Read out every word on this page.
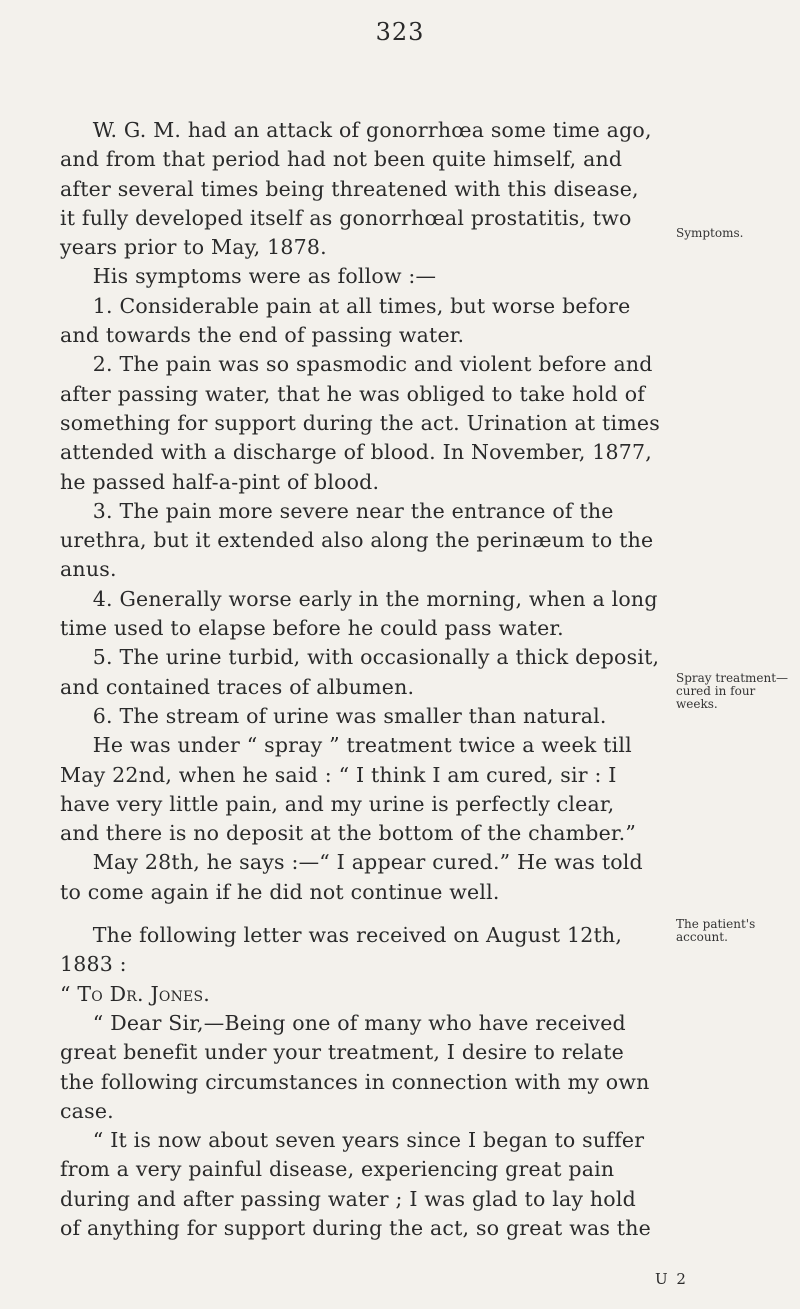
323

W. G. M. had an attack of gonorrhœa some time ago, and from that period had not been quite himself, and after several times being threatened with this disease, it fully developed itself as gonorrhœal prostatitis, two years prior to May, 1878.

His symptoms were as follow :—

1. Considerable pain at all times, but worse before and towards the end of passing water.

2. The pain was so spasmodic and violent before and after passing water, that he was obliged to take hold of something for support during the act. Urination at times attended with a discharge of blood. In November, 1877, he passed half-a-pint of blood.

3. The pain more severe near the entrance of the urethra, but it extended also along the perinæum to the anus.

4. Generally worse early in the morning, when a long time used to elapse before he could pass water.

5. The urine turbid, with occasionally a thick deposit, and contained traces of albumen.

6. The stream of urine was smaller than natural.

He was under “ spray ” treatment twice a week till May 22nd, when he said : “ I think I am cured, sir : I have very little pain, and my urine is perfectly clear, and there is no deposit at the bottom of the chamber.”

May 28th, he says :—“ I appear cured.” He was told to come again if he did not continue well.

The following letter was received on August 12th, 1883 :

“ To Dr. Jones.

“ Dear Sir,—Being one of many who have received great benefit under your treatment, I desire to relate the following circumstances in connection with my own case.

“ It is now about seven years since I began to suffer from a very painful disease, experiencing great pain during and after passing water ; I was glad to lay hold of anything for support during the act, so great was the

Symptoms.
Spray treatment—cured in four weeks.
The patient's account.
U 2
